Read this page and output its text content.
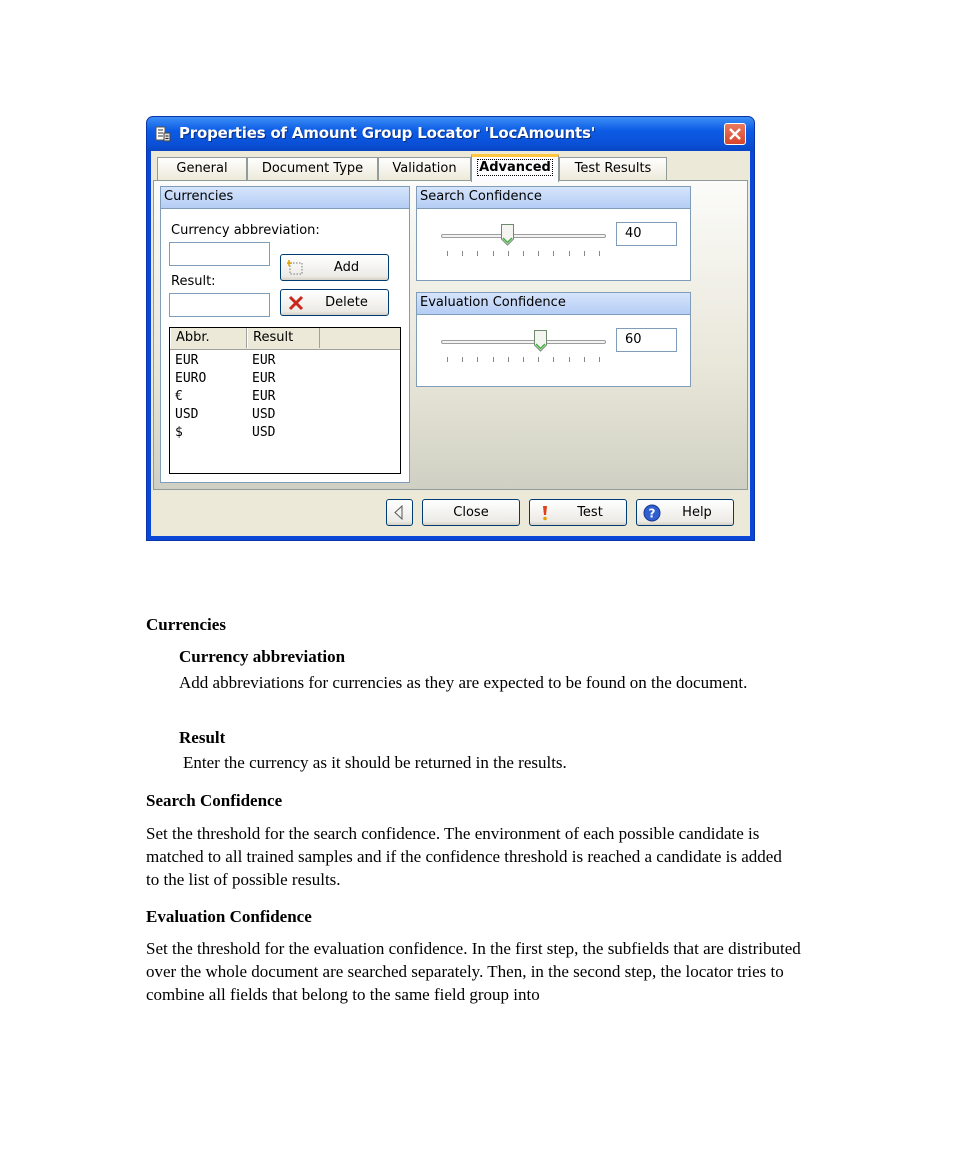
Properties of Amount Group Locator 'LocAmounts'
General	Document Type	Validation	Advanced	Test Results
Currencies
Currency abbreviation:
Result:
Add
Delete
Abbr.	Result
EUR	EUR
EURO	EUR
€	EUR
USD	USD
$	USD
Search Confidence
40
Evaluation Confidence
60
Close	Test	?	Help
Currencies
Currency abbreviation
Add abbreviations for currencies as they are expected to be found on the document.
Result
Enter the currency as it should be returned in the results.
Search Confidence
Set the threshold for the search confidence. The environment of each possible candidate is matched to all trained samples and if the confidence threshold is reached a candidate is added to the list of possible results.
Evaluation Confidence
Set the threshold for the evaluation confidence. In the first step, the subfields that are distributed over the whole document are searched separately. Then, in the second step, the locator tries to combine all fields that belong to the same field group into
